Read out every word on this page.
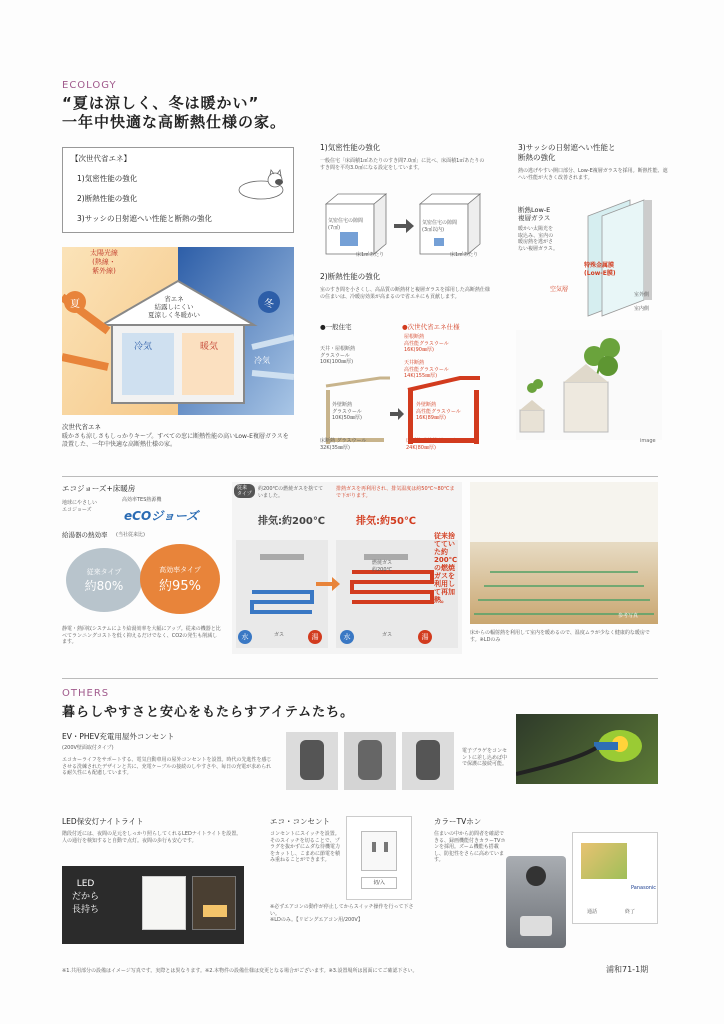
ECOLOGY
“夏は涼しく、冬は暖かい”
一年中快適な高断熱仕様の家。
【次世代省エネ】
1)気密性能の強化
2)断熱性能の強化
3)サッシの日射遮へい性能と断熱の強化
夏	冬
太陽光線
(熱線・
紫外線)
省エネ
結露しにくい
夏涼しく冬暖かい
冷気	暖気
冷気
次世代省エネ
暖かさも涼しさもしっかりキープ。すべての窓に断熱性能の高いLow-E複層ガラスを設置した、一年中快適な高断熱仕様の家。
1)気密性能の強化
一般住宅「床面積1㎡あたりのすき間7.0㎠」に比べ、床面積1㎡あたりのすき間を平均3.0㎠になる設定をしています。
気密住宅の隙間
(7㎠)
気密住宅の隙間
(3㎠以内)
床1㎡あたり	床1㎡あたり
2)断熱性能の強化
室のすき間を小さくし、高品質の断熱材と複層ガラスを採用した高断熱仕様の住まいは、冷暖房効果が高まるので省エネにも貢献します。
●一般住宅	●次世代省エネ仕様
天井・屋根断熱
グラスウール
10K(100㎜厚)
外壁断熱
グラスウール
10K(50㎜厚)
床断熱 グラスウール
32K(35㎜厚)
屋根断熱
高性能グラスウール
16K(90㎜厚)
天井断熱
高性能グラスウール
14K(155㎜厚)
外壁断熱
高性能グラスウール
16K(89㎜厚)
床断熱 高性能グラスウール
24K(80㎜厚)
3)サッシの日射遮へい性能と
断熱の強化
熱の逃げやすい開口部分、Low-E複層ガラスを採用。断熱性能、遮へい性能が大きく改善されます。
断熱Low-E
複層ガラス
暖かい太陽光を
取込み、室内の
暖房熱を逃がさ
ない複層ガラス。
特殊金属膜
(Low-E膜)
空気層
室外側
室内側
image
エコジョーズ+床暖房
地球にやさしい
エコジョーズ
高効率TES熱源機
eCOジョーズ
給湯器の熱効率 (当社従来比)
従来タイプ
約80%
高効率タイプ
約95%
静電・熱回収システムにより給湯効率を大幅にアップ。従来の機器と比べてランニングコストを低く抑えるだけでなく、CO2の発生も削減します。
従来
タイプ
約200℃の燃焼ガスを捨てていました。
排気:約200℃
排熱ガスを再利用され、排気温度は約50℃~80℃まで下がります。
排気:約50℃
従来捨てていた約200℃の燃焼ガスを利用して再加熱。
燃焼ガス
約200℃
水	ガス	湯	水	ガス	湯
参考写真
床からの輻射熱を利用して室内を暖めるので、温度ムラが少なく健康的な暖房です。※LDのみ
OTHERS
暮らしやすさと安心をもたらすアイテムたち。
EV・PHEV充電用屋外コンセント
(200V壁面取付タイプ)
エコカーライフをサポートする、電気自動車用の屋外コンセントを設置。時代の先進性を感じさせる洗練されたデザインと共に、充電ケーブルの接続のしやすさや、毎日の充電が求められる耐久性にも配慮しています。
電子ブラゲをコンセントに差し込めば中で保護に接続可能。
LED保安灯ナイトライト
階段付近には、夜間の足元をしっかり照らしてくれるLEDナイトライトを設置。人の通行を検知すると自動で点灯。夜間の歩行も安心です。
LED
だから
長持ち
エコ・コンセント
コンセントにスイッチを設置。そのスイッチを切ることで、プラグを抜かずにムダな待機電力をカットし、こまめに節電を積み重ねることができます。
切/入
※必ずエアコンの動作が停止してからスイッチ操作を行って下さい。
※LDのみ。【リビングエアコン用/200V】
カラーTVホン
住まいの中から訪問者を確認できる、録画機能付きカラーTVホンを採用。ズーム機能も搭載し、防犯性をさらに高めています。
Panasonic
通話	終了
※1.共用部分の設備はイメージ写真です。実際とは異なります。※2.本物件の設備仕様は変更となる場合がございます。※3.設置場所は図面にてご確認下さい。	浦和71-1期
